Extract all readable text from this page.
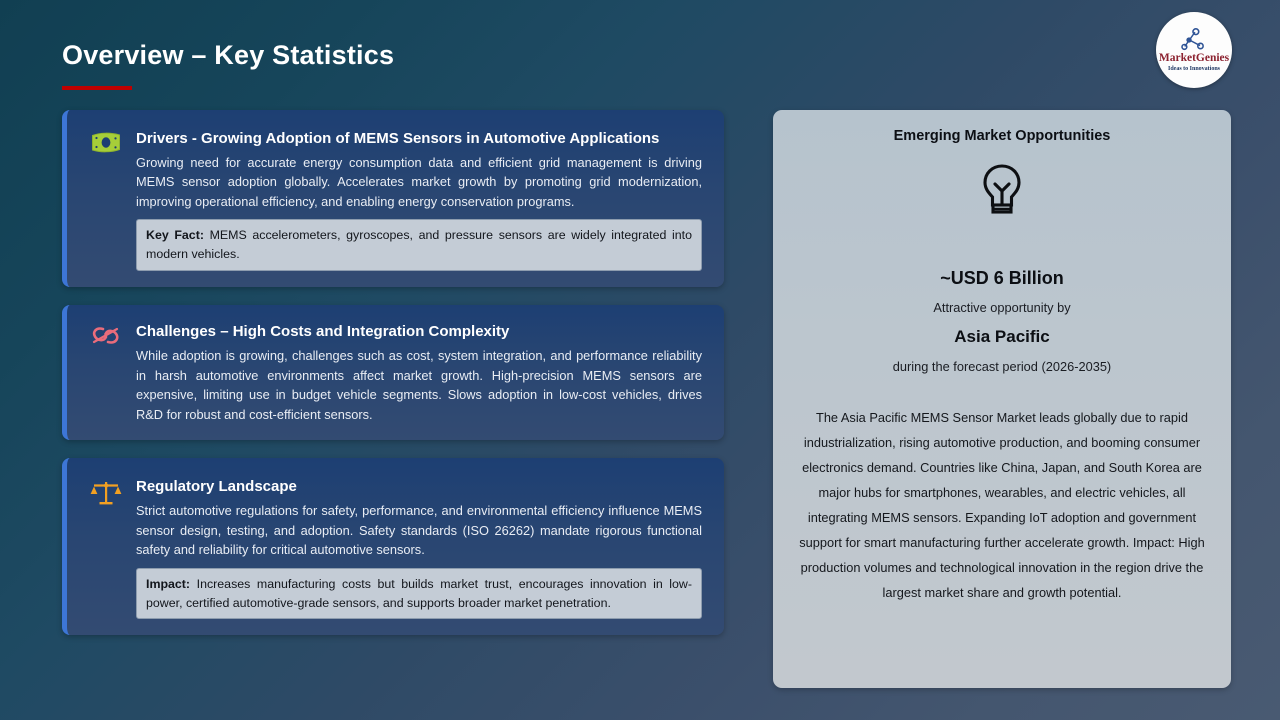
Overview – Key Statistics	MarketGenies
Ideas to Innovations
Drivers - Growing Adoption of MEMS Sensors in Automotive Applications
Growing need for accurate energy consumption data and efficient grid management is driving MEMS sensor adoption globally. Accelerates market growth by promoting grid modernization, improving operational efficiency, and enabling energy conservation programs.
Key Fact: MEMS accelerometers, gyroscopes, and pressure sensors are widely integrated into modern vehicles.
Challenges – High Costs and Integration Complexity
While adoption is growing, challenges such as cost, system integration, and performance reliability in harsh automotive environments affect market growth. High-precision MEMS sensors are expensive, limiting use in budget vehicle segments. Slows adoption in low-cost vehicles, drives R&D for robust and cost-efficient sensors.
Regulatory Landscape
Strict automotive regulations for safety, performance, and environmental efficiency influence MEMS sensor design, testing, and adoption. Safety standards (ISO 26262) mandate rigorous functional safety and reliability for critical automotive sensors.
Impact: Increases manufacturing costs but builds market trust, encourages innovation in low-power, certified automotive-grade sensors, and supports broader market penetration.
Emerging Market Opportunities
~USD 6 Billion
Attractive opportunity by
Asia Pacific
during the forecast period (2026-2035)
The Asia Pacific MEMS Sensor Market leads globally due to rapid industrialization, rising automotive production, and booming consumer electronics demand. Countries like China, Japan, and South Korea are major hubs for smartphones, wearables, and electric vehicles, all integrating MEMS sensors. Expanding IoT adoption and government support for smart manufacturing further accelerate growth. Impact: High production volumes and technological innovation in the region drive the largest market share and growth potential.
